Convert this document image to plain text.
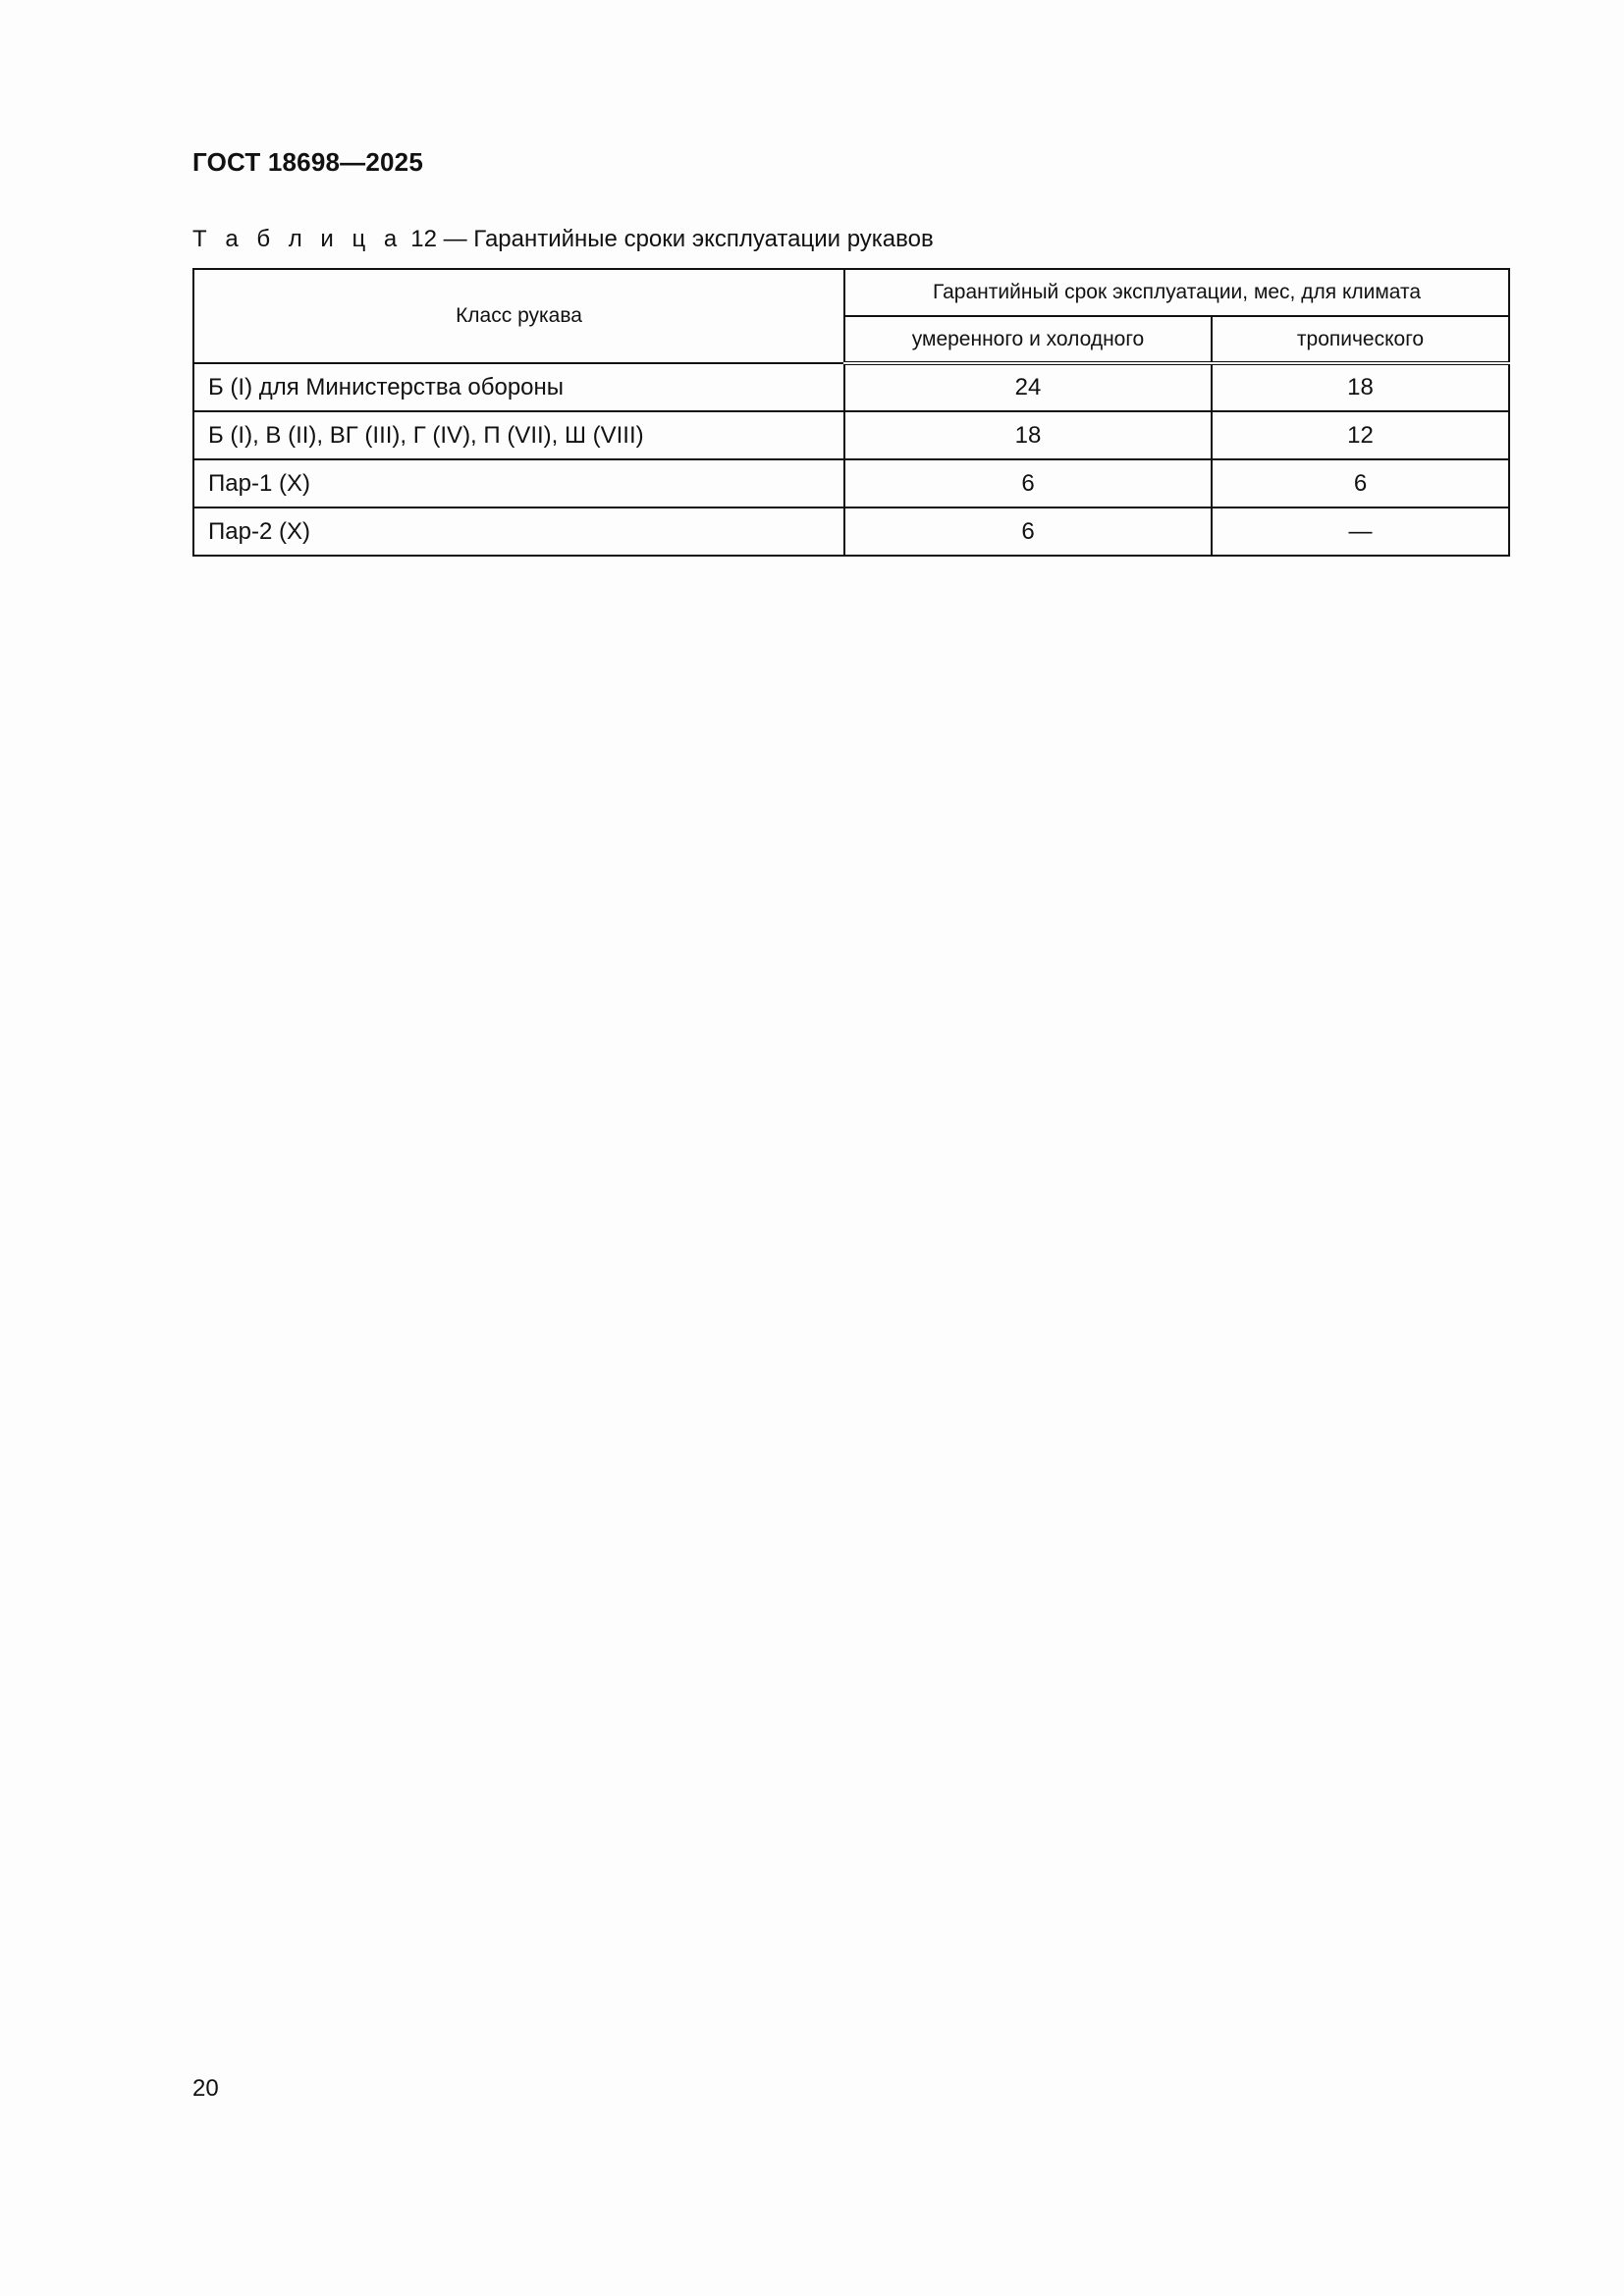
ГОСТ 18698—2025
Т а б л и ц а 12 — Гарантийные сроки эксплуатации рукавов
Класс рукава	Гарантийный срок эксплуатации, мес, для климата	
	умеренного и холодного	тропического
Б (I) для Министерства обороны	24	18
Б (I), В (II), ВГ (III), Г (IV), П (VII), Ш (VIII)	18	12
Пар-1 (X)	6	6
Пар-2 (X)	6	—
20
